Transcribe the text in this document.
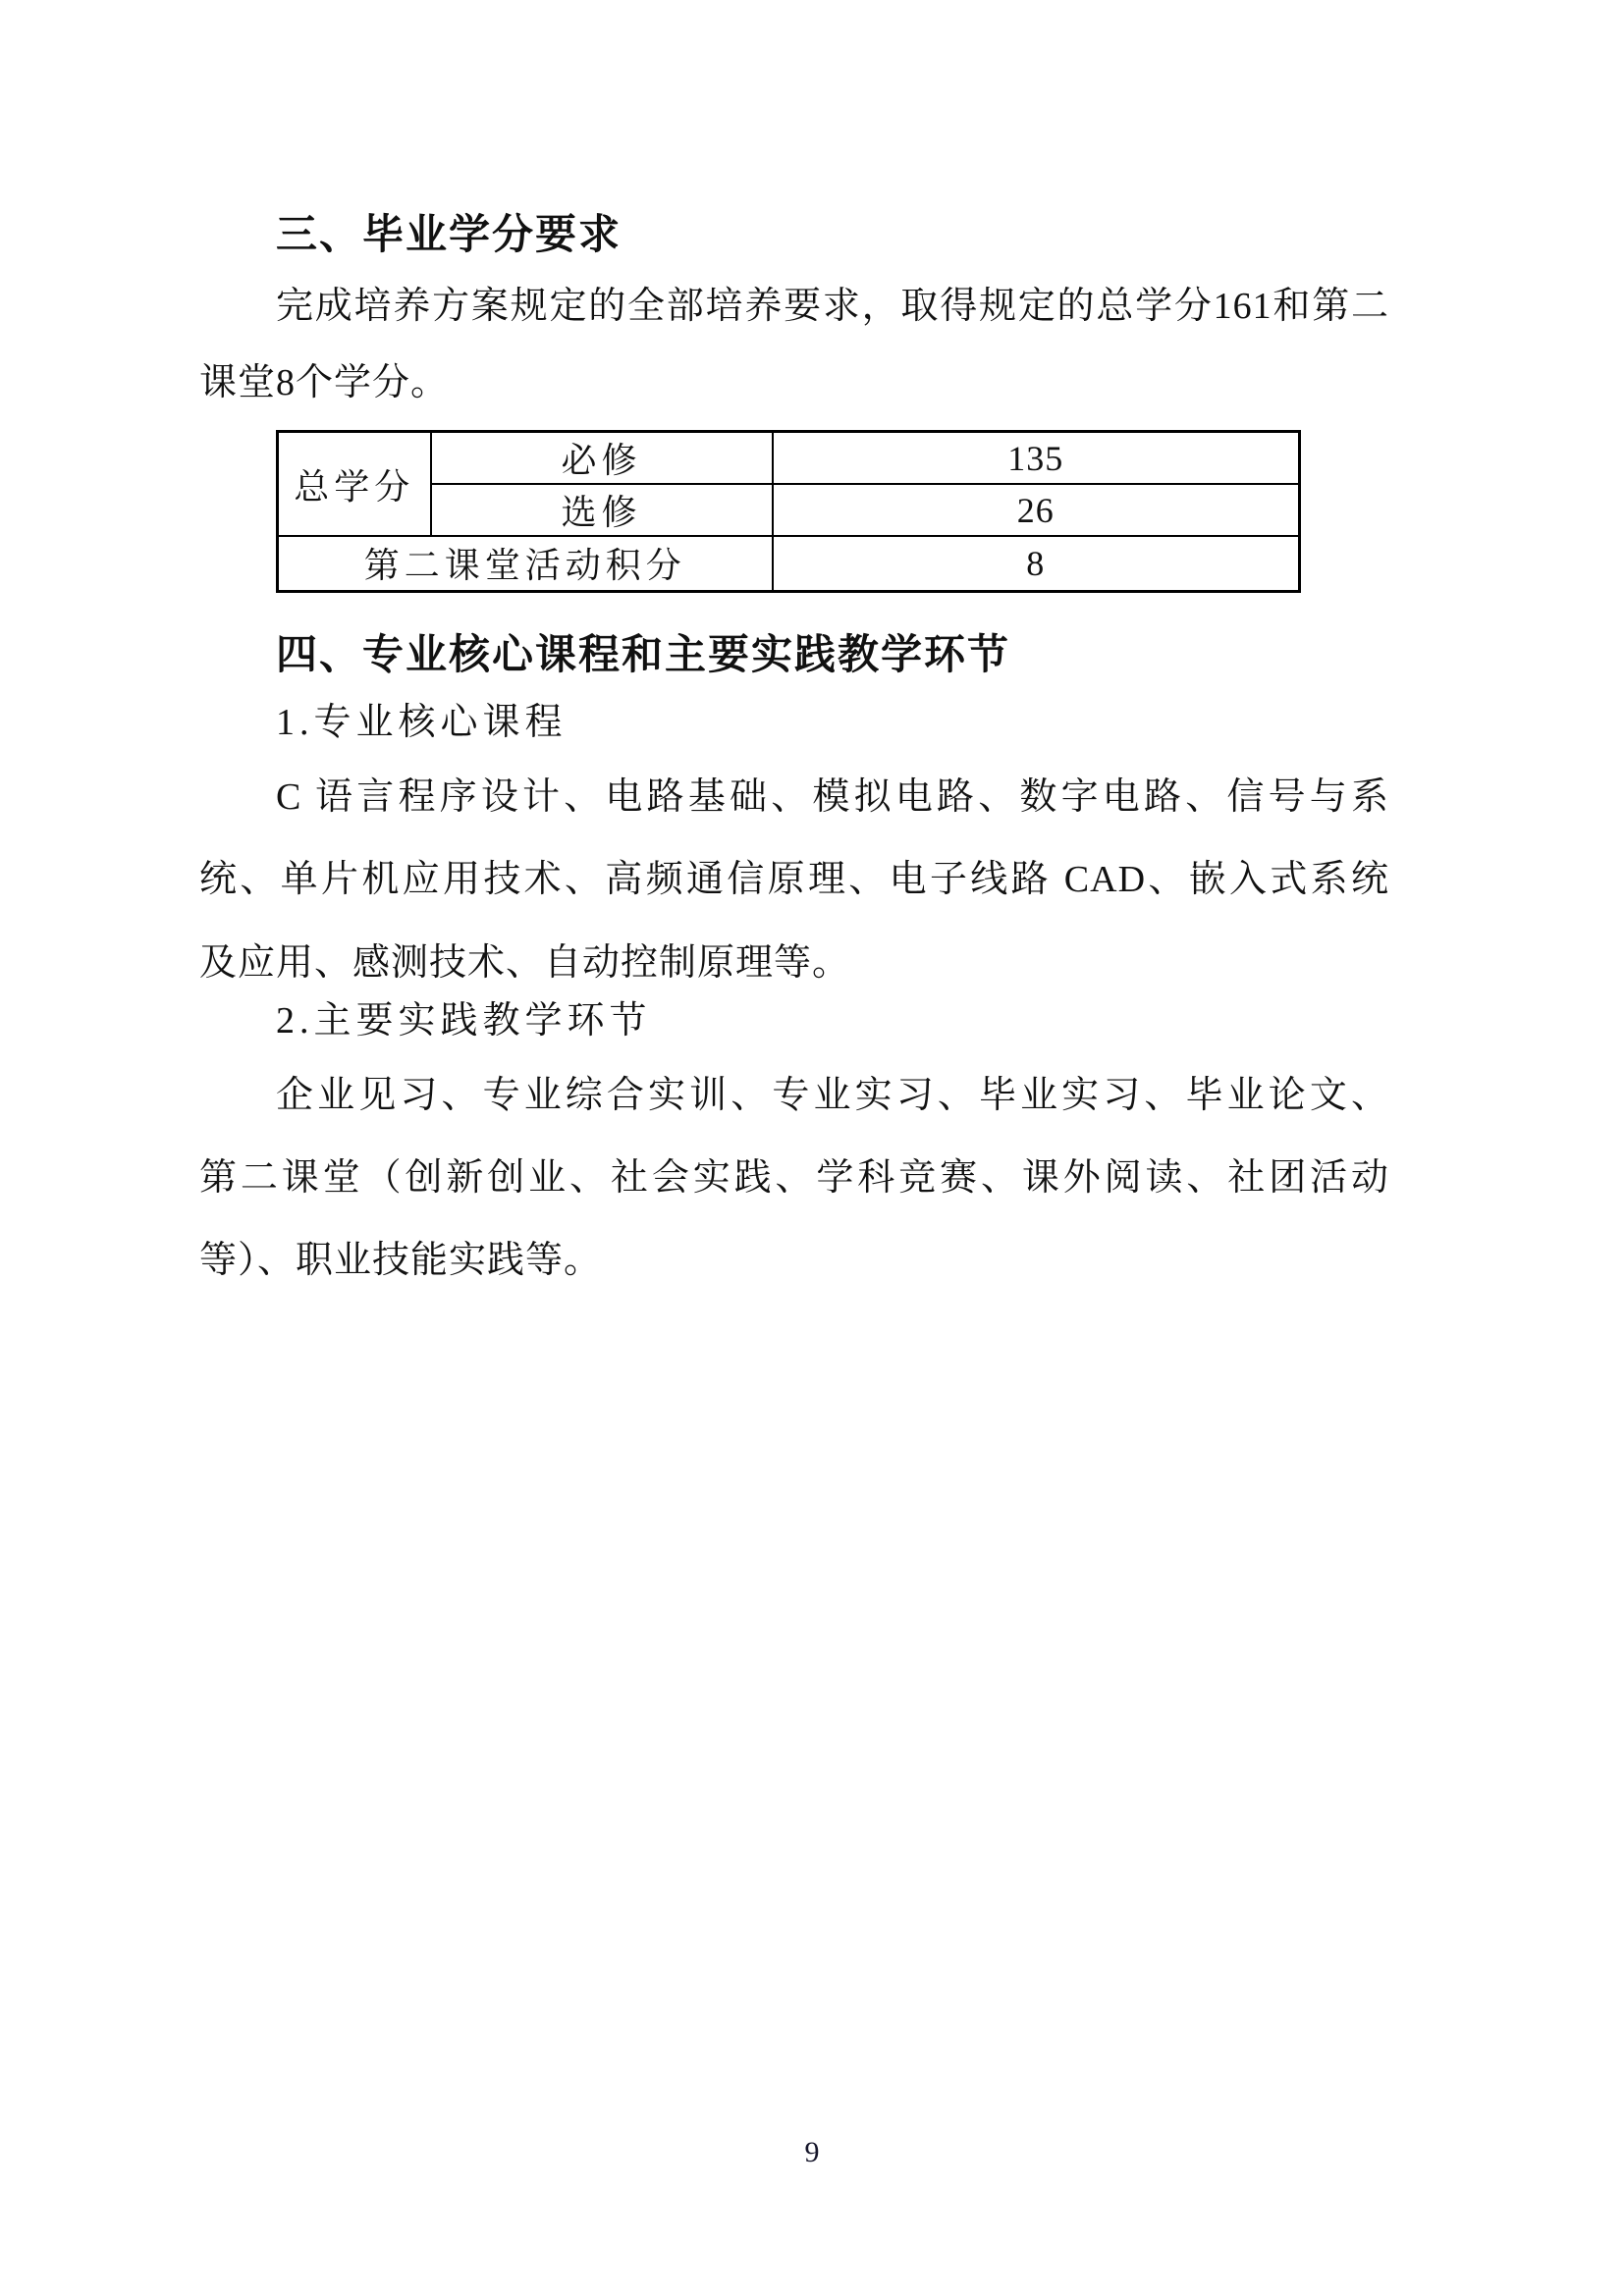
三、毕业学分要求
完成培养方案规定的全部培养要求，取得规定的总学分161和第二
课堂8个学分。
总学分	必修	135
	选修	26
第二课堂活动积分		8
四、专业核心课程和主要实践教学环节
1.专业核心课程
C 语言程序设计、电路基础、模拟电路、数字电路、信号与系
统、单片机应用技术、高频通信原理、电子线路 CAD、嵌入式系统
及应用、感测技术、自动控制原理等。
2.主要实践教学环节
企业见习、专业综合实训、专业实习、毕业实习、毕业论文、
第二课堂（创新创业、社会实践、学科竞赛、课外阅读、社团活动
等）、职业技能实践等。
9
